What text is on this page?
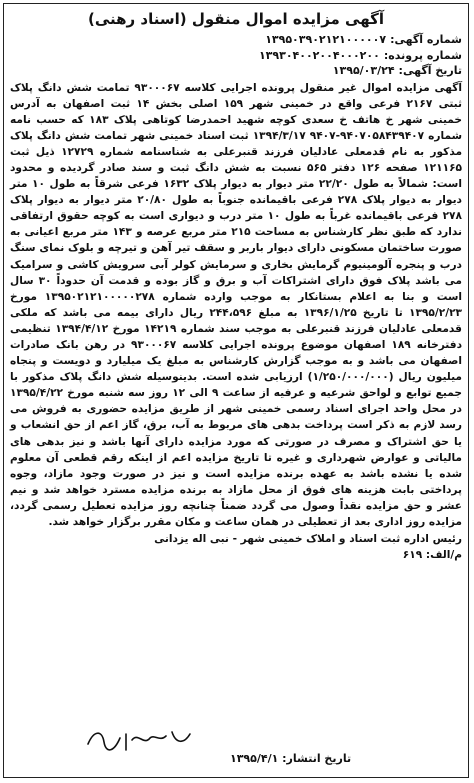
آگهی مزایده اموال منقول (اسناد رهنی)
شماره آگهی:۱۳۹۵۰۳۹۰۲۱۲۱۰۰۰۰۰۷
شماره پرونده:۱۳۹۳۰۴۰۰۲۰۰۴۰۰۰۲۰۰
تاریخ آگهی:۱۳۹۵/۰۳/۲۴

آگهی مزایده اموال غیر منقول پرونده اجرایی کلاسه ۹۳۰۰۰۶۷ تمامت شش دانگ پلاک ثبتی ۲۱۶۷ فرعی واقع در خمینی شهر ۱۵۹ اصلی بخش ۱۴ ثبت اصفهان به آدرس خمینی شهر خ هاتف خ سعدی کوچه شهید احمدرضا کوتاهی پلاک ۱۸۳ که حسب نامه شماره ۹۴۰۷۰۵۸۴۳۹۴۰۷-۹۴۰۷ ۱۳۹۴/۳/۱۷ ثبت اسناد خمینی شهر تمامت شش دانگ پلاک مذکور به نام قدمعلی عادلیان فرزند قنبرعلی به شناسنامه شماره ۱۲۷۲۹ ذیل ثبت ۱۲۱۱۶۵ صفحه ۱۲۶ دفتر ۵۶۵ نسبت به شش دانگ ثبت و سند صادر گردیده و محدود است: شمالاً به طول ۲۲/۲۰ متر دیوار به دیوار پلاک ۱۶۳۲ فرعی شرقاً به طول ۱۰ متر دیوار به دیوار پلاک ۲۷۸ فرعی باقیمانده جنوباً به طول ۲۰/۸۰ متر دیوار به دیوار پلاک ۲۷۸ فرعی باقیمانده غرباً به طول ۱۰ متر درب و دیواری است به کوچه حقوق ارتفاقی ندارد که طبق نظر کارشناس به مساحت ۲۱۵ متر مربع عرصه و ۱۴۳ متر مربع اعیانی به صورت ساختمان مسکونی دارای دیوار باربر و سقف تیر آهن و تیرچه و بلوک نمای سنگ درب و پنجره آلومینیوم گرمایش بخاری و سرمایش کولر آبی سرویش کاشی و سرامیک می باشد پلاک فوق دارای اشتراکات آب و برق و گاز بوده و قدمت آن حدوداً ۳۰ سال است و بنا به اعلام بستانکار به موجب وارده شماره ۱۳۹۵۰۲۱۲۱۰۰۰۰۰۲۷۸ مورخ ۱۳۹۵/۲/۲۳ تا تاریخ ۱۳۹۶/۱/۲۵ به مبلغ ۲۴۴،۵۹۶ ریال دارای بیمه می باشد که ملکی قدمعلی عادلیان فرزند قنبرعلی به موجب سند شماره ۱۴۲۱۹ مورخ ۱۳۹۴/۴/۱۲ تنظیمی دفترخانه ۱۸۹ اصفهان موضوع پرونده اجرایی کلاسه ۹۳۰۰۰۶۷ در رهن بانک صادرات اصفهان می باشد و به موجب گزارش کارشناس به مبلغ یک میلیارد و دویست و پنجاه میلیون ریال (۱/۲۵۰/۰۰۰/۰۰۰) ارزیابی شده است. بدینوسیله شش دانگ پلاک مذکور با جمیع توابع و لواحق شرعیه و عرفیه از ساعت ۹ الی ۱۲ روز سه شنبه مورخ ۱۳۹۵/۴/۲۲ در محل واحد اجرای اسناد رسمی خمینی شهر از طریق مزایده حضوری به فروش می رسد لازم به ذکر است پرداخت بدهی های مربوط به آب، برق، گاز اعم از حق انشعاب و یا حق اشتراک و مصرف در صورتی که مورد مزایده دارای آنها باشد و نیز بدهی های مالیاتی و عوارض شهرداری و غیره تا تاریخ مزایده اعم از اینکه رقم قطعی آن معلوم شده یا نشده باشد به عهده برنده مزایده است و نیز در صورت وجود مازاد، وجوه پرداختی بابت هزینه های فوق از محل مازاد به برنده مزایده مسترد خواهد شد و نیم عشر و حق مزایده نقداً وصول می گردد ضمناً چنانچه روز مزایده تعطیل رسمی گردد، مزایده روز اداری بعد از تعطیلی در همان ساعت و مکان مقرر برگزار خواهد شد.

رئیس اداره ثبت اسناد و املاک خمینی شهر - نبی اله یزدانی
م/الف: ۶۱۹
تاریخ انتشار: ۱۳۹۵/۴/۱
